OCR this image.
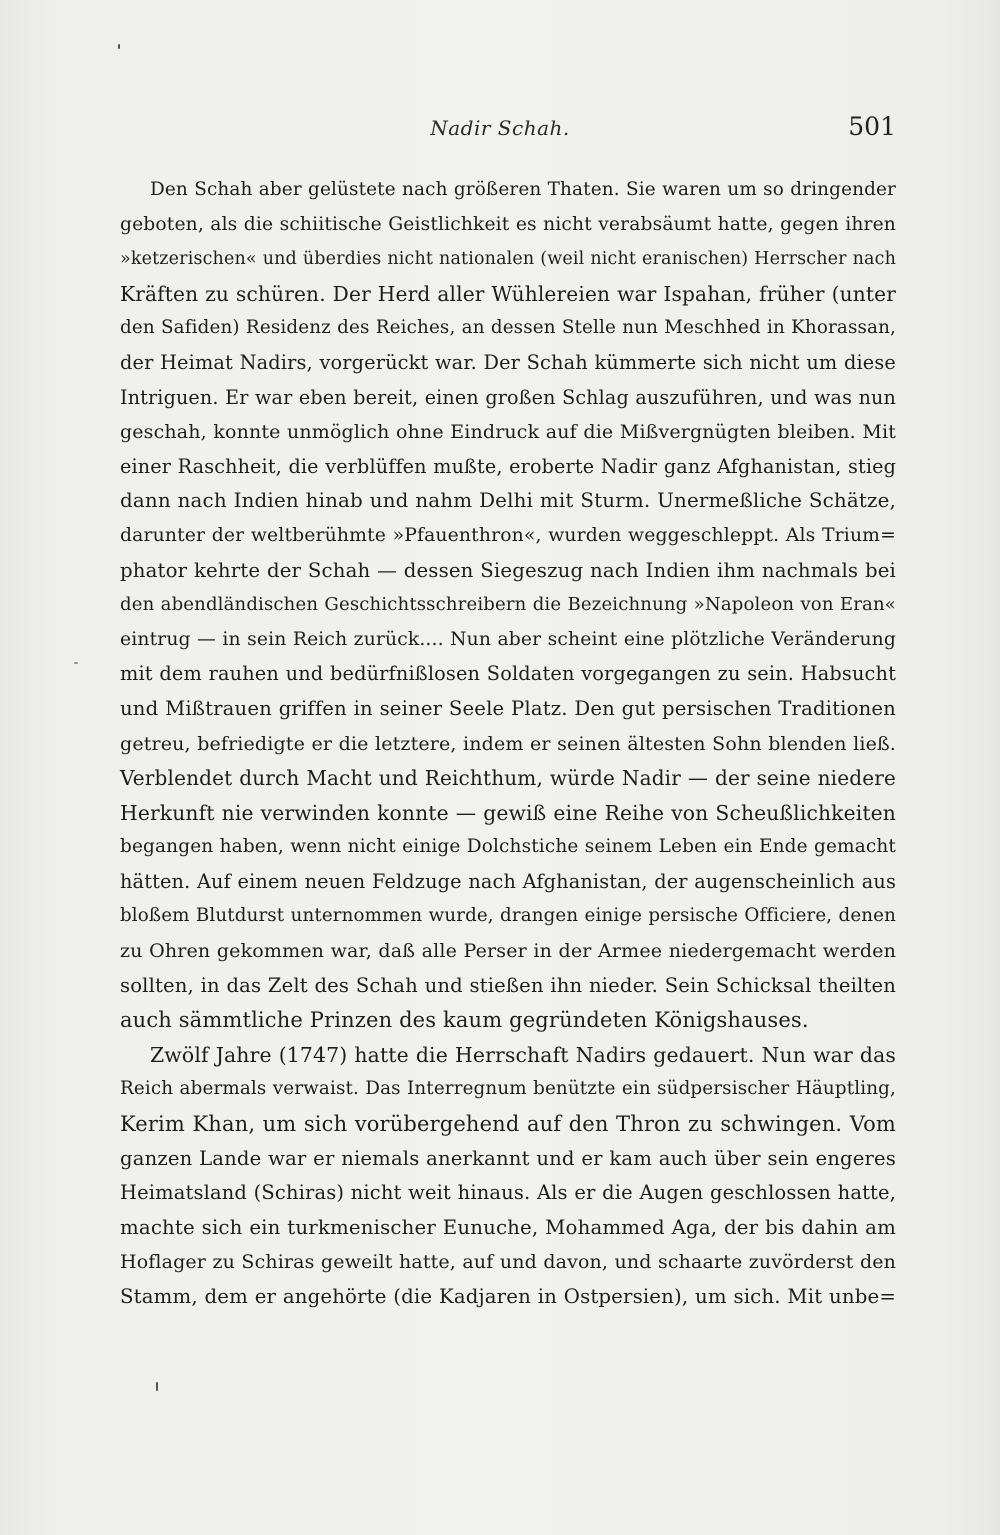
Nadir Schah.	501

Den Schah aber gelüstete nach größeren Thaten. Sie waren um so dringender
geboten, als die schiitische Geistlichkeit es nicht verabsäumt hatte, gegen ihren
»ketzerischen« und überdies nicht nationalen (weil nicht eranischen) Herrscher nach
Kräften zu schüren. Der Herd aller Wühlereien war Ispahan, früher (unter
den Safiden) Residenz des Reiches, an dessen Stelle nun Meschhed in Khorassan,
der Heimat Nadirs, vorgerückt war. Der Schah kümmerte sich nicht um diese
Intriguen. Er war eben bereit, einen großen Schlag auszuführen, und was nun
geschah, konnte unmöglich ohne Eindruck auf die Mißvergnügten bleiben. Mit
einer Raschheit, die verblüffen mußte, eroberte Nadir ganz Afghanistan, stieg
dann nach Indien hinab und nahm Delhi mit Sturm. Unermeßliche Schätze,
darunter der weltberühmte »Pfauenthron«, wurden weggeschleppt. Als Trium=
phator kehrte der Schah — dessen Siegeszug nach Indien ihm nachmals bei
den abendländischen Geschichtsschreibern die Bezeichnung »Napoleon von Eran«
eintrug — in sein Reich zurück.... Nun aber scheint eine plötzliche Veränderung
mit dem rauhen und bedürfnißlosen Soldaten vorgegangen zu sein. Habsucht
und Mißtrauen griffen in seiner Seele Platz. Den gut persischen Traditionen
getreu, befriedigte er die letztere, indem er seinen ältesten Sohn blenden ließ.
Verblendet durch Macht und Reichthum, würde Nadir — der seine niedere
Herkunft nie verwinden konnte — gewiß eine Reihe von Scheußlichkeiten
begangen haben, wenn nicht einige Dolchstiche seinem Leben ein Ende gemacht
hätten. Auf einem neuen Feldzuge nach Afghanistan, der augenscheinlich aus
bloßem Blutdurst unternommen wurde, drangen einige persische Officiere, denen
zu Ohren gekommen war, daß alle Perser in der Armee niedergemacht werden
sollten, in das Zelt des Schah und stießen ihn nieder. Sein Schicksal theilten
auch sämmtliche Prinzen des kaum gegründeten Königshauses.

Zwölf Jahre (1747) hatte die Herrschaft Nadirs gedauert. Nun war das
Reich abermals verwaist. Das Interregnum benützte ein südpersischer Häuptling,
Kerim Khan, um sich vorübergehend auf den Thron zu schwingen. Vom
ganzen Lande war er niemals anerkannt und er kam auch über sein engeres
Heimatsland (Schiras) nicht weit hinaus. Als er die Augen geschlossen hatte,
machte sich ein turkmenischer Eunuche, Mohammed Aga, der bis dahin am
Hoflager zu Schiras geweilt hatte, auf und davon, und schaarte zuvörderst den
Stamm, dem er angehörte (die Kadjaren in Ostpersien), um sich. Mit unbe=
